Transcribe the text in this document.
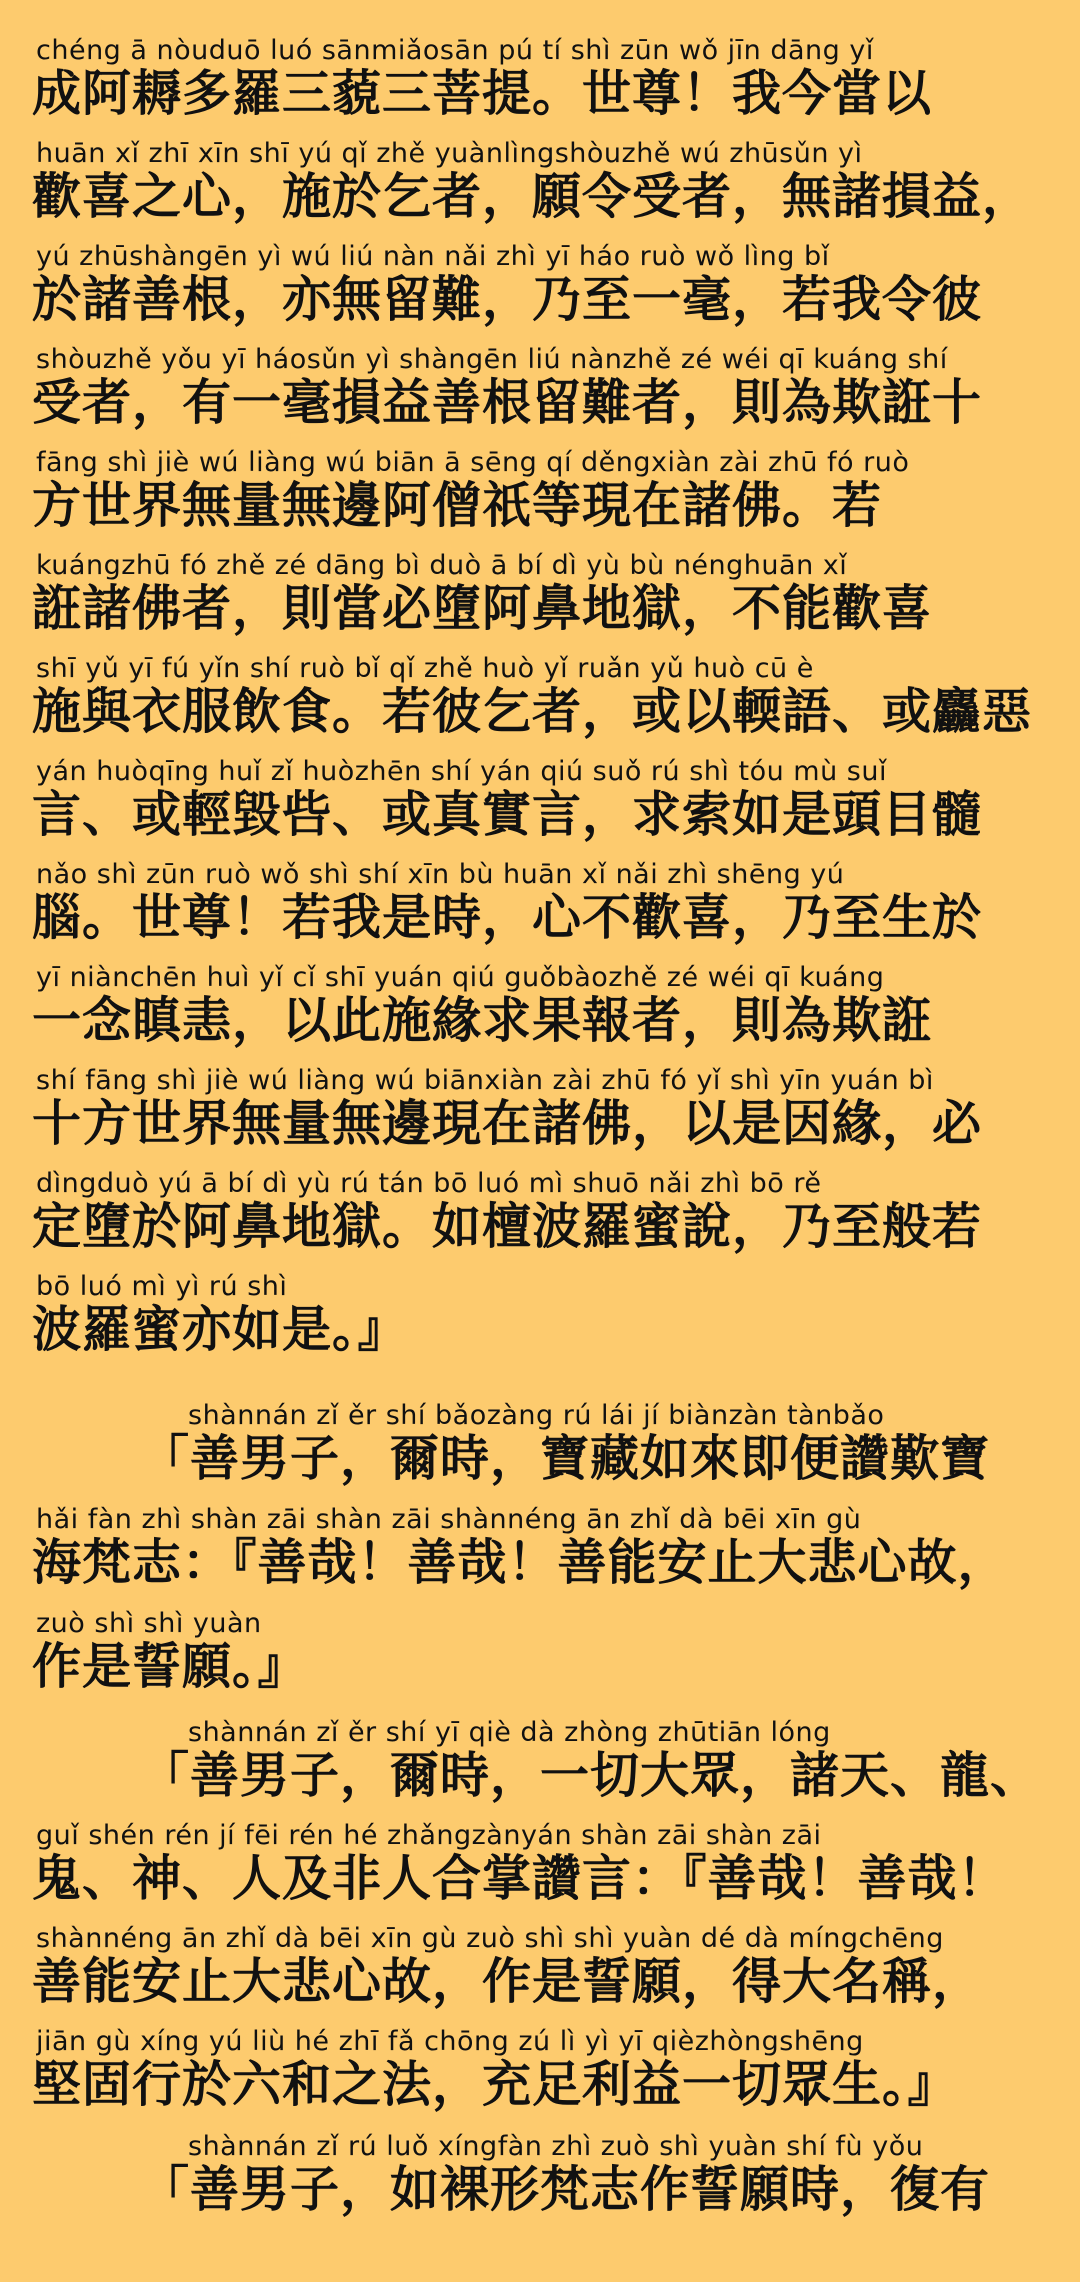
chéng ā nòuduō luó sānmiǎosān pú tí shì zūn wǒ jīn dāng yǐ
成阿耨多羅三藐三菩提。世尊！我今當以
huān xǐ zhī xīn shī yú qǐ zhě yuànlìngshòuzhě wú zhūsǔn yì
歡喜之心，施於乞者，願令受者，無諸損益，
yú zhūshàngēn yì wú liú nàn nǎi zhì yī háo ruò wǒ lìng bǐ
於諸善根，亦無留難，乃至一毫，若我令彼
shòuzhě yǒu yī háosǔn yì shàngēn liú nànzhě zé wéi qī kuáng shí
受者，有一毫損益善根留難者，則為欺誑十
fāng shì jiè wú liàng wú biān ā sēng qí děngxiàn zài zhū fó ruò
方世界無量無邊阿僧祇等現在諸佛。若
kuángzhū fó zhě zé dāng bì duò ā bí dì yù bù nénghuān xǐ
誑諸佛者，則當必墮阿鼻地獄，不能歡喜
shī yǔ yī fú yǐn shí ruò bǐ qǐ zhě huò yǐ ruǎn yǔ huò cū è
施與衣服飲食。若彼乞者，或以輭語、或麤惡
yán huòqīng huǐ zǐ huòzhēn shí yán qiú suǒ rú shì tóu mù suǐ
言、或輕毀呰、或真實言，求索如是頭目髓
nǎo shì zūn ruò wǒ shì shí xīn bù huān xǐ nǎi zhì shēng yú
腦。世尊！若我是時，心不歡喜，乃至生於
yī niànchēn huì yǐ cǐ shī yuán qiú guǒbàozhě zé wéi qī kuáng
一念瞋恚，以此施緣求果報者，則為欺誑
shí fāng shì jiè wú liàng wú biānxiàn zài zhū fó yǐ shì yīn yuán bì
十方世界無量無邊現在諸佛，以是因緣，必
dìngduò yú ā bí dì yù rú tán bō luó mì shuō nǎi zhì bō rě
定墮於阿鼻地獄。如檀波羅蜜說，乃至般若
bō luó mì yì rú shì
波羅蜜亦如是。』
shànnán zǐ ěr shí bǎozàng rú lái jí biànzàn tànbǎo
「善男子，爾時，寶藏如來即便讚歎寶
hǎi fàn zhì shàn zāi shàn zāi shànnéng ān zhǐ dà bēi xīn gù
海梵志：『善哉！善哉！善能安止大悲心故，
zuò shì shì yuàn
作是誓願。』
shànnán zǐ ěr shí yī qiè dà zhòng zhūtiān lóng
「善男子，爾時，一切大眾，諸天、龍、
guǐ shén rén jí fēi rén hé zhǎngzànyán shàn zāi shàn zāi
鬼、神、人及非人合掌讚言：『善哉！善哉！
shànnéng ān zhǐ dà bēi xīn gù zuò shì shì yuàn dé dà míngchēng
善能安止大悲心故，作是誓願，得大名稱，
jiān gù xíng yú liù hé zhī fǎ chōng zú lì yì yī qièzhòngshēng
堅固行於六和之法，充足利益一切眾生。』
shànnán zǐ rú luǒ xíngfàn zhì zuò shì yuàn shí fù yǒu
「善男子，如裸形梵志作誓願時，復有
